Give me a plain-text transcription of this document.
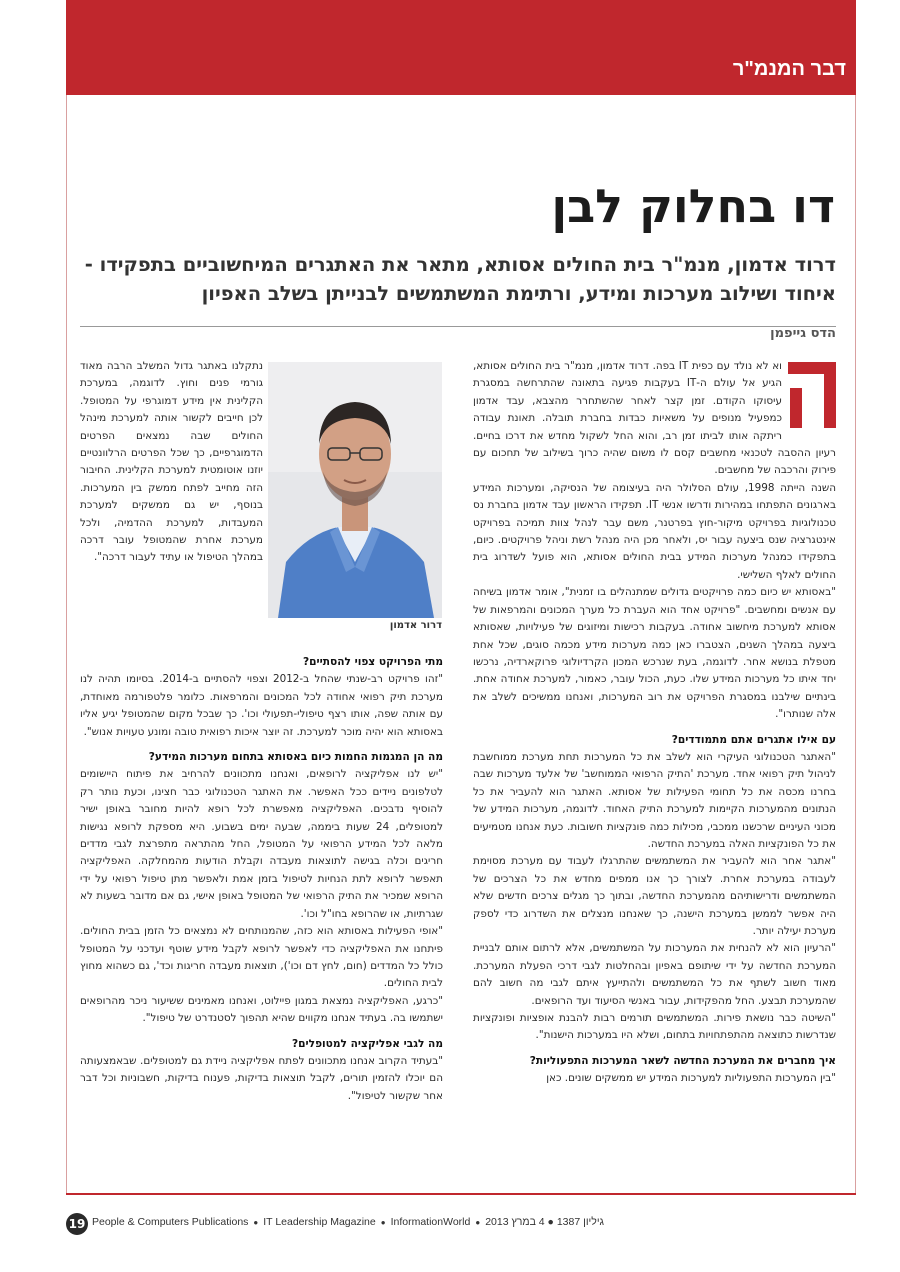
דבר המנמ"ר
דו בחלוק לבן
דרוד אדמון, מנמ"ר בית החולים אסותא, מתאר את האתגרים המיחשוביים בתפקידו - איחוד ושילוב מערכות ומידע, ורתימת המשתמשים לבנייתן בשלב האפיון
הדס גייפמן

וא לא נולד עם כפית IT בפה. דרוד אדמון, מנמ"ר בית החולים אסותא, הגיע אל עולם ה-IT בעקבות פגיעה בתאונה שהתרחשה במסגרת עיסוקו הקודם. זמן קצר לאחר שהשתחרר מהצבא, עבד אדמון כמפעיל מנופים על משאיות כבדות בחברת תובלה. תאונת עבודה ריתקה אותו לביתו זמן רב, והוא החל לשקול מחדש את דרכו בחיים. רעיון ההסבה לטכנאי מחשבים קסם לו משום שהיה כרוך בשילוב של תחכום עם פירוק והרכבה של מחשבים.

השנה הייתה 1998, עולם הסלולר היה בעיצומה של הנסיקה, ומערכות המידע בארגונים התפתחו במהירות ודרשו אנשי IT. תפקידו הראשון עבד אדמון בחברת נס טכנולוגיות בפרויקט מיקור-חוץ בפרטנר, משם עבר לנהל צוות תמיכה בפרויקט אינטגרציה שנס ביצעה עבור יס, ולאחר מכן היה מנהל רשת וניהל פרויקטים. כיום, בתפקידו כמנהל מערכות המידע בבית החולים אסותא, הוא פועל לשדרוג בית החולים לאלף השלישי.

"באסותא יש כיום כמה פרויקטים גדולים שמתנהלים בו זמנית", אומר אדמון בשיחה עם אנשים ומחשבים. "פרויקט אחד הוא העברת כל מערך המכונים והמרפאות של אסותא למערכת מיחשוב אחודה. בעקבות רכישות ומיזוגים של פעילויות, שאסותא ביצעה במהלך השנים, הצטברו כאן כמה מערכות מידע מכמה סוגים, שכל אחת מטפלת בנושא אחר. לדוגמה, בעת שנרכש המכון הקרדיולוגי פרוקארדיה, נרכשו יחד איתו כל מערכות המידע שלו. כעת, הכול עובר, כאמור, למערכת אחודה אחת. בינתיים שילבנו במסגרת הפרויקט את רוב המערכות, ואנחנו ממשיכים לשלב את אלה שנותרו".

עם אילו אתגרים אתם מתמודדים?

"האתגר הטכנולוגי העיקרי הוא לשלב את כל המערכות תחת מערכת ממוחשבת לניהול תיק רפואי אחד. מערכת 'התיק הרפואי הממוחשב' של אלעד מערכות שבה בחרנו מכסה את כל תחומי הפעילות של אסותא. האתגר הוא להעביר את כל הנתונים מהמערכות הקיימות למערכת התיק האחוד. לדוגמה, מערכות המידע של מכוני העיניים שרכשנו ממכבי, מכילות כמה פונקציות חשובות. כעת אנחנו מטמיעים את כל הפונקציות האלה במערכת החדשה.

"אתגר אחר הוא להעביר את המשתמשים שהתרגלו לעבוד עם מערכת מסוימת לעבודה במערכת אחרת. לצורך כך אנו ממפים מחדש את כל הצרכים של המשתמשים ודרישותיהם מהמערכת החדשה, ובתוך כך מגלים צרכים חדשים שלא היה אפשר לממשן במערכת הישנה, כך שאנחנו מנצלים את השדרוג כדי לספק מערכת יעילה יותר.

"הרעיון הוא לא להנחית את המערכות על המשתמשים, אלא לרתום אותם לבניית המערכת החדשה על ידי שיתופם באפיון ובהחלטות לגבי דרכי הפעלת המערכת. מאוד חשוב לשתף את כל המשתמשים ולהתייעץ איתם לגבי מה חשוב להם שהמערכת תבצע. החל מהפקידות, עבור באנשי הסיעוד ועד הרופאים.

"השיטה כבר נושאת פירות. המשתמשים תורמים רבות להבנת אופציות ופונקציות שנדרשות כתוצאה מהתפתחויות בתחום, ושלא היו במערכות הישנות".

איך מחברים את המערכת החדשה לשאר המערכות התפעוליות?

"בין המערכות התפעוליות למערכות המידע יש ממשקים שונים. כאן

נתקלנו באתגר גדול המשלב הרבה מאוד גורמי פנים וחוץ. לדוגמה, במערכת הקלינית אין מידע דמוגרפי על המטופל. לכן חייבים לקשור אותה למערכת מינהל החולים שבה נמצאים הפרטים הדמוגרפיים, כך שכל הפרטים הרלוונטיים יוזנו אוטומטית למערכת הקלינית. החיבור הזה מחייב לפתח ממשק בין המערכות. בנוסף, יש גם ממשקים למערכת המעבדות, למערכת ההדמיה, ולכל מערכת אחרת שהמטופל עובר דרכה במהלך הטיפול או עתיד לעבור דרכה".

דרור אדמון
מתי הפרויקט צפוי להסתיים?

"זהו פרויקט רב-שנתי שהחל ב-2012 וצפוי להסתיים ב-2014. בסיומו תהיה לנו מערכת תיק רפואי אחודה לכל המכונים והמרפאות. כלומר פלטפורמה מאוחדת, עם אותה שפה, אותו רצף טיפולי-תפעולי וכו'. כך שבכל מקום שהמטופל יגיע אליו באסותא הוא יהיה מוכר למערכת. זה יוצר איכות רפואית טובה ומונע טעויות אנוש".

מה הן המגמות החמות כיום באסותא בתחום מערכות המידע?

"יש לנו אפליקציה לרופאים, ואנחנו מתכוונים להרחיב את פיתוח היישומים לטלפונים ניידים ככל האפשר. את האתגר הטכנולוגי כבר חצינו, וכעת נותר רק להוסיף נדבכים. האפליקציה מאפשרת לכל רופא להיות מחובר באופן ישיר למטופלים, 24 שעות ביממה, שבעה ימים בשבוע. היא מספקת לרופא נגישות מלאה לכל המידע הרפואי על המטופל, החל מהתראה מתפרצת לגבי מדדים חריגים וכלה בגישה לתוצאות מעבדה וקבלת הודעות מהמחלקה. האפליקציה תאפשר לרופא לתת הנחיות לטיפול בזמן אמת ולאפשר מתן טיפול רפואי על ידי הרופא שמכיר את התיק הרפואי של המטופל באופן אישי, גם אם מדובר בשעות לא שגרתיות, או שהרופא בחו"ל וכו'.

"אופי הפעילות באסותא הוא כזה, שהמנותחים לא נמצאים כל הזמן בבית החולים. פיתחנו את האפליקציה כדי לאפשר לרופא לקבל מידע שוטף ועדכני על המטופל כולל כל המדדים (חום, לחץ דם וכו'), תוצאות מעבדה חריגות וכד', גם כשהוא מחוץ לבית החולים.

"כרגע, האפליקציה נמצאת במגון פיילוט, ואנחנו מאמינים ששיעור ניכר מהרופאים ישתמשו בה. בעתיד אנחנו מקווים שהיא תהפוך לסטנדרט של טיפול".

מה לגבי אפליקציה למטופלים?

"בעתיד הקרוב אנחנו מתכוונים לפתח אפליקציה ניידת גם למטופלים. שבאמצעותה הם יוכלו להזמין תורים, לקבל תוצאות בדיקות, פענוח בדיקות, חשבוניות וכל דבר אחר שקשור לטיפול".

19 People & Computers Publications ● IT Leadership Magazine ● InformationWorld ● גיליון 1387 ● 4 במרץ 2013
